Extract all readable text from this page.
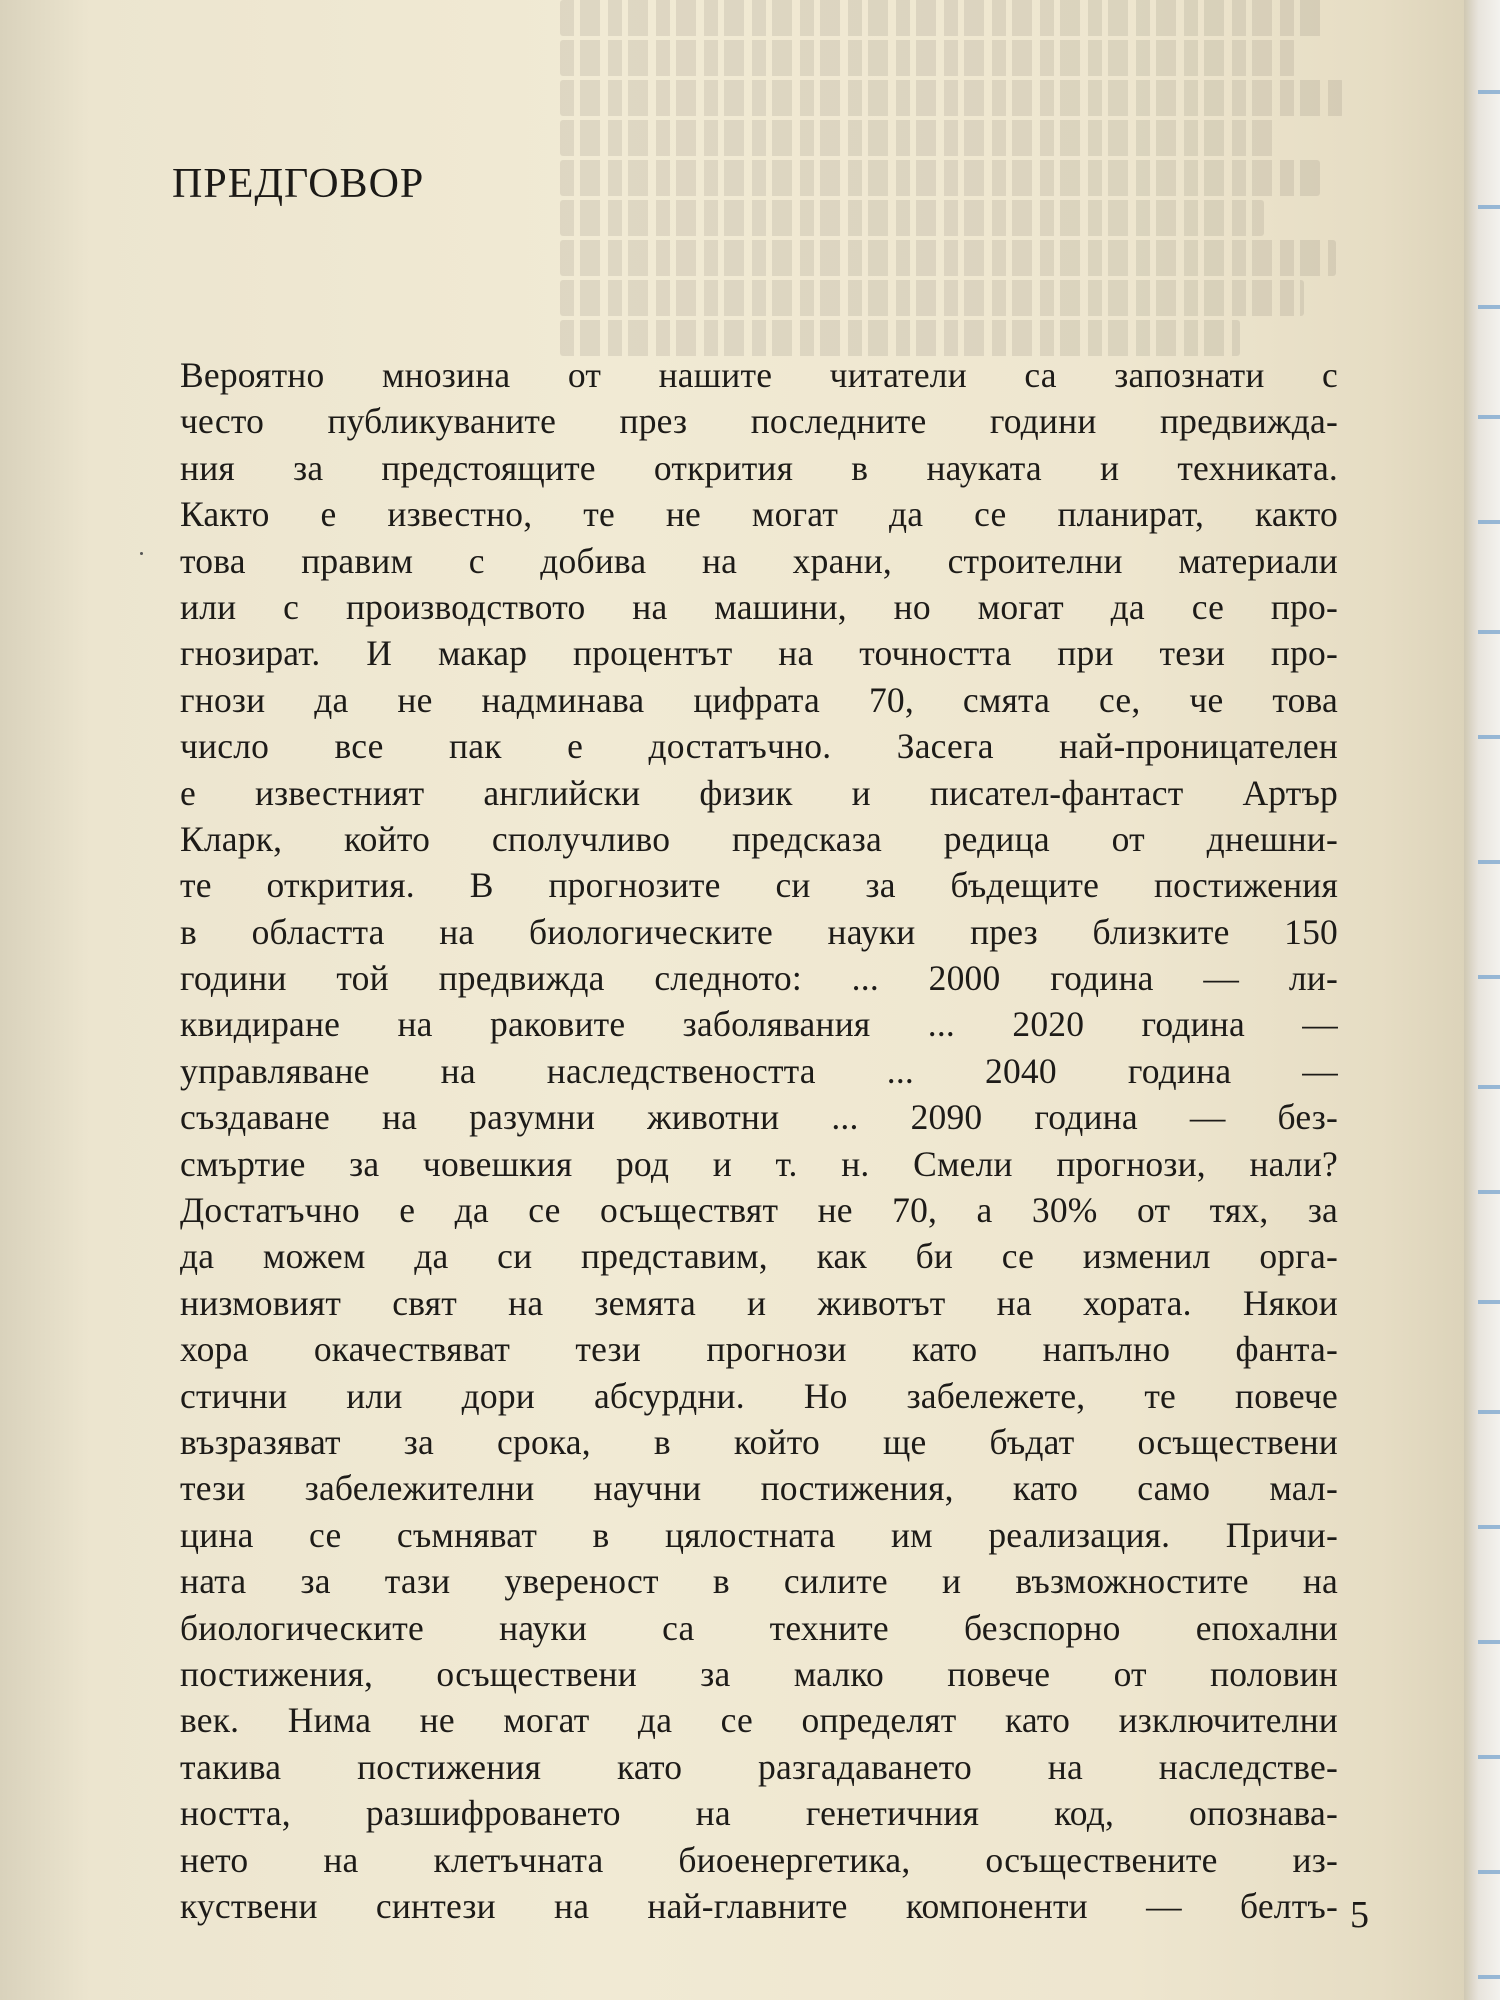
ПРЕДГОВОР
Вероятно мнозина от нашите читатели са запознати с
често публикуваните през последните години предвижда-
ния за предстоящите открития в науката и техниката.
Както е известно, те не могат да се планират, както
това правим с добива на храни, строителни материали
или с производството на машини, но могат да се про-
гнозират. И макар процентът на точността при тези про-
гнози да не надминава цифрата 70, смята се, че това
число все пак е достатъчно. Засега най-проницателен
е известният английски физик и писател-фантаст Артър
Кларк, който сполучливо предсказа редица от днешни-
те открития. В прогнозите си за бъдещите постижения
в областта на биологическите науки през близките 150
години той предвижда следното: ... 2000 година — ли-
квидиране на раковите заболявания ... 2020 година —
управляване на наследствеността ... 2040 година —
създаване на разумни животни ... 2090 година — без-
смъртие за човешкия род и т. н. Смели прогнози, нали?
Достатъчно е да се осъществят не 70, а 30% от тях, за
да можем да си представим, как би се изменил орга-
низмовият свят на земята и животът на хората. Някои
хора окачествяват тези прогнози като напълно фанта-
стични или дори абсурдни. Но забележете, те повече
възразяват за срока, в който ще бъдат осъществени
тези забележителни научни постижения, като само мал-
цина се съмняват в цялостната им реализация. Причи-
ната за тази увереност в силите и възможностите на
биологическите науки са техните безспорно епохални
постижения, осъществени за малко повече от половин
век. Нима не могат да се определят като изключителни
такива постижения като разгадаването на наследстве-
ността, разшифроването на генетичния код, опознава-
нето на клетъчната биоенергетика, осъществените из-
куствени синтези на най-главните компоненти — белтъ- 5
